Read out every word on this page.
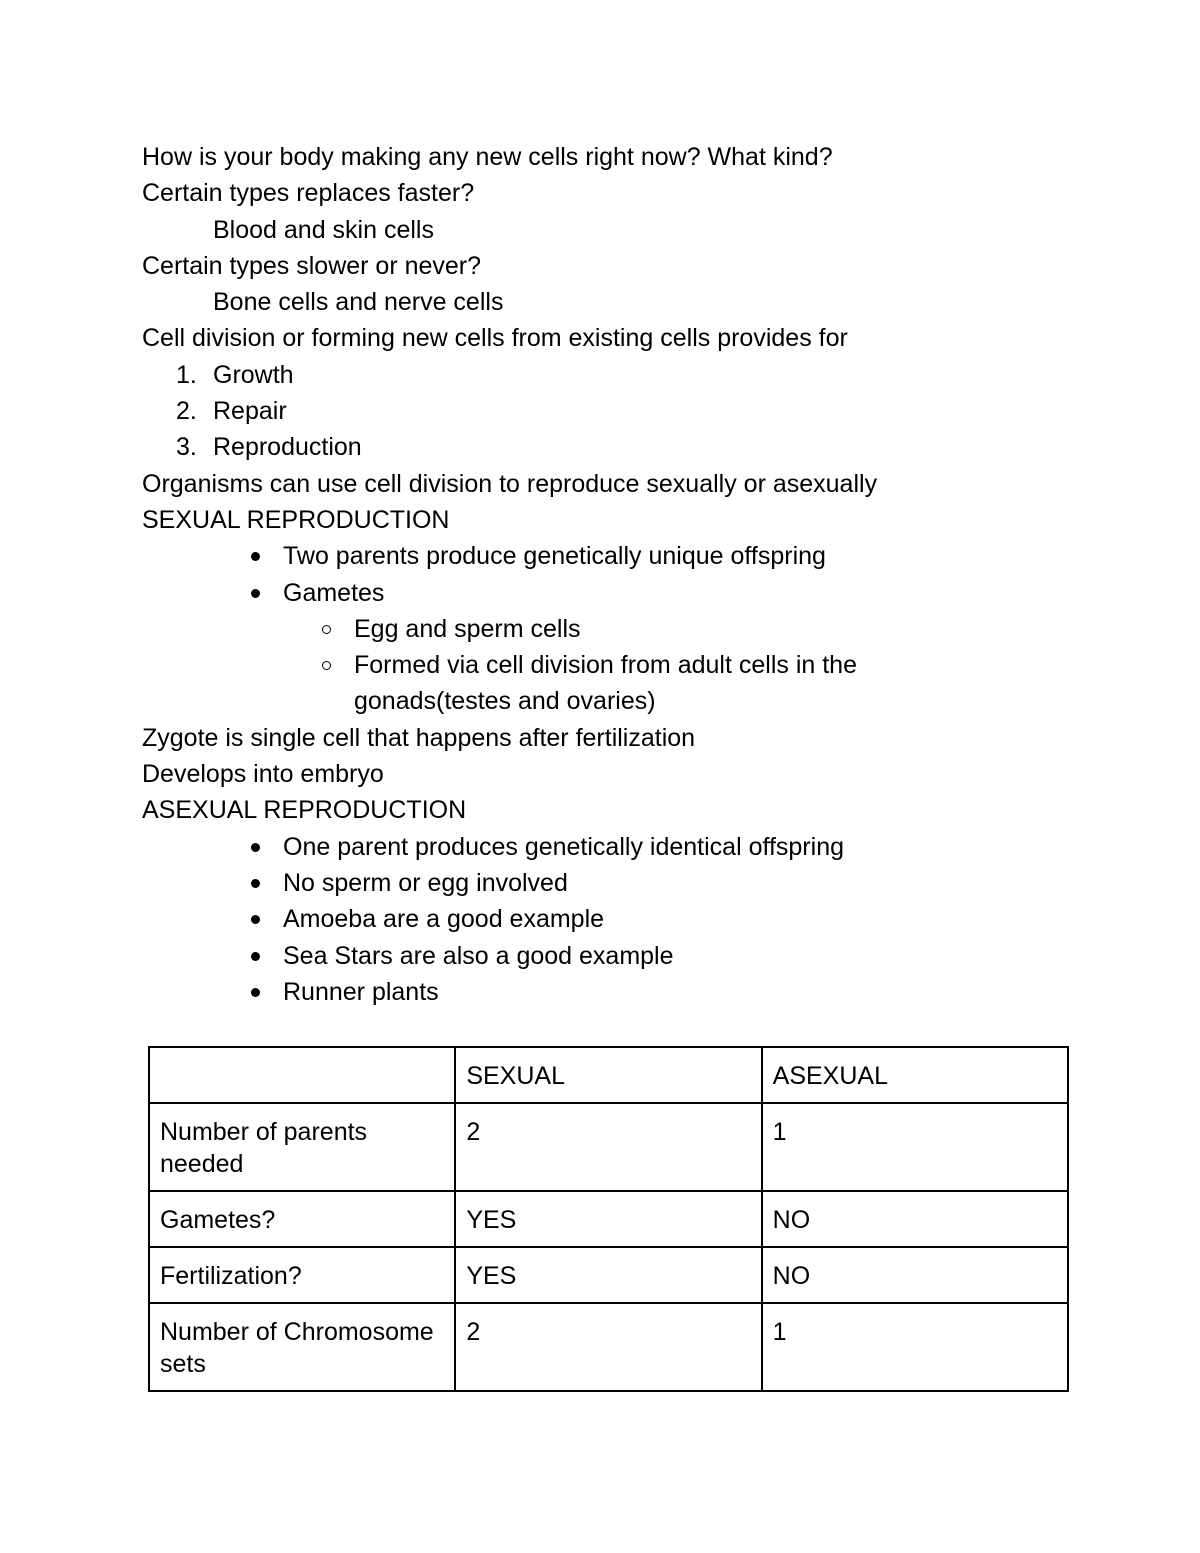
How is your body making any new cells right now? What kind?
Certain types replaces faster?
Blood and skin cells
Certain types slower or never?
Bone cells and nerve cells
Cell division or forming new cells from existing cells provides for
1. Growth
2. Repair
3. Reproduction
Organisms can use cell division to reproduce sexually or asexually
SEXUAL REPRODUCTION
Two parents produce genetically unique offspring
Gametes
Egg and sperm cells
Formed via cell division from adult cells in the gonads(testes and ovaries)
Zygote is single cell that happens after fertilization
Develops into embryo
ASEXUAL REPRODUCTION
One parent produces genetically identical offspring
No sperm or egg involved
Amoeba are a good example
Sea Stars are also a good example
Runner plants
	SEXUAL	ASEXUAL
Number of parents needed	2	1
Gametes?	YES	NO
Fertilization?	YES	NO
Number of Chromosome sets	2	1
